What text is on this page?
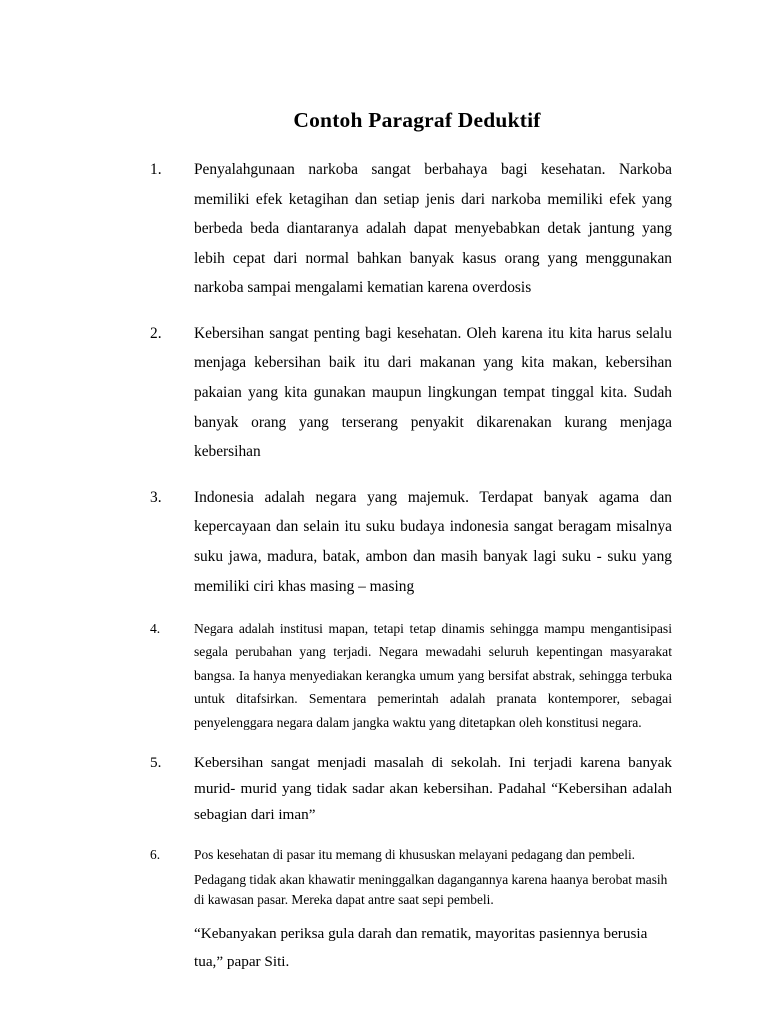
Contoh Paragraf Deduktif
1.	Penyalahgunaan narkoba sangat berbahaya bagi kesehatan. Narkoba memiliki efek ketagihan dan setiap jenis dari narkoba memiliki efek yang berbeda beda diantaranya adalah dapat menyebabkan detak jantung yang lebih cepat dari normal bahkan banyak kasus orang yang menggunakan narkoba sampai mengalami kematian karena overdosis
2.	Kebersihan sangat penting bagi kesehatan. Oleh karena itu kita harus selalu menjaga kebersihan baik itu dari makanan yang kita makan, kebersihan pakaian yang kita gunakan maupun lingkungan tempat tinggal kita. Sudah banyak orang yang terserang penyakit dikarenakan kurang menjaga kebersihan
3.	Indonesia adalah negara yang majemuk. Terdapat banyak agama dan kepercayaan dan selain itu suku budaya indonesia sangat beragam misalnya suku jawa, madura, batak, ambon dan masih banyak lagi suku - suku yang memiliki ciri khas masing – masing
4.	Negara adalah institusi mapan, tetapi tetap dinamis sehingga mampu mengantisipasi segala perubahan yang terjadi. Negara mewadahi seluruh kepentingan masyarakat bangsa. Ia hanya menyediakan kerangka umum yang bersifat abstrak, sehingga terbuka untuk ditafsirkan. Sementara pemerintah adalah pranata kontemporer, sebagai penyelenggara negara dalam jangka waktu yang ditetapkan oleh konstitusi negara.
5.	Kebersihan sangat menjadi masalah di sekolah. Ini terjadi karena banyak murid- murid yang tidak sadar akan kebersihan. Padahal “Kebersihan adalah sebagian dari iman”
6.	Pos kesehatan di pasar itu memang di khususkan melayani pedagang dan pembeli.
Pedagang tidak akan khawatir meninggalkan dagangannya karena haanya berobat masih di kawasan pasar. Mereka dapat antre saat sepi pembeli.
“Kebanyakan periksa gula darah dan rematik, mayoritas pasiennya berusia tua,” papar Siti.
